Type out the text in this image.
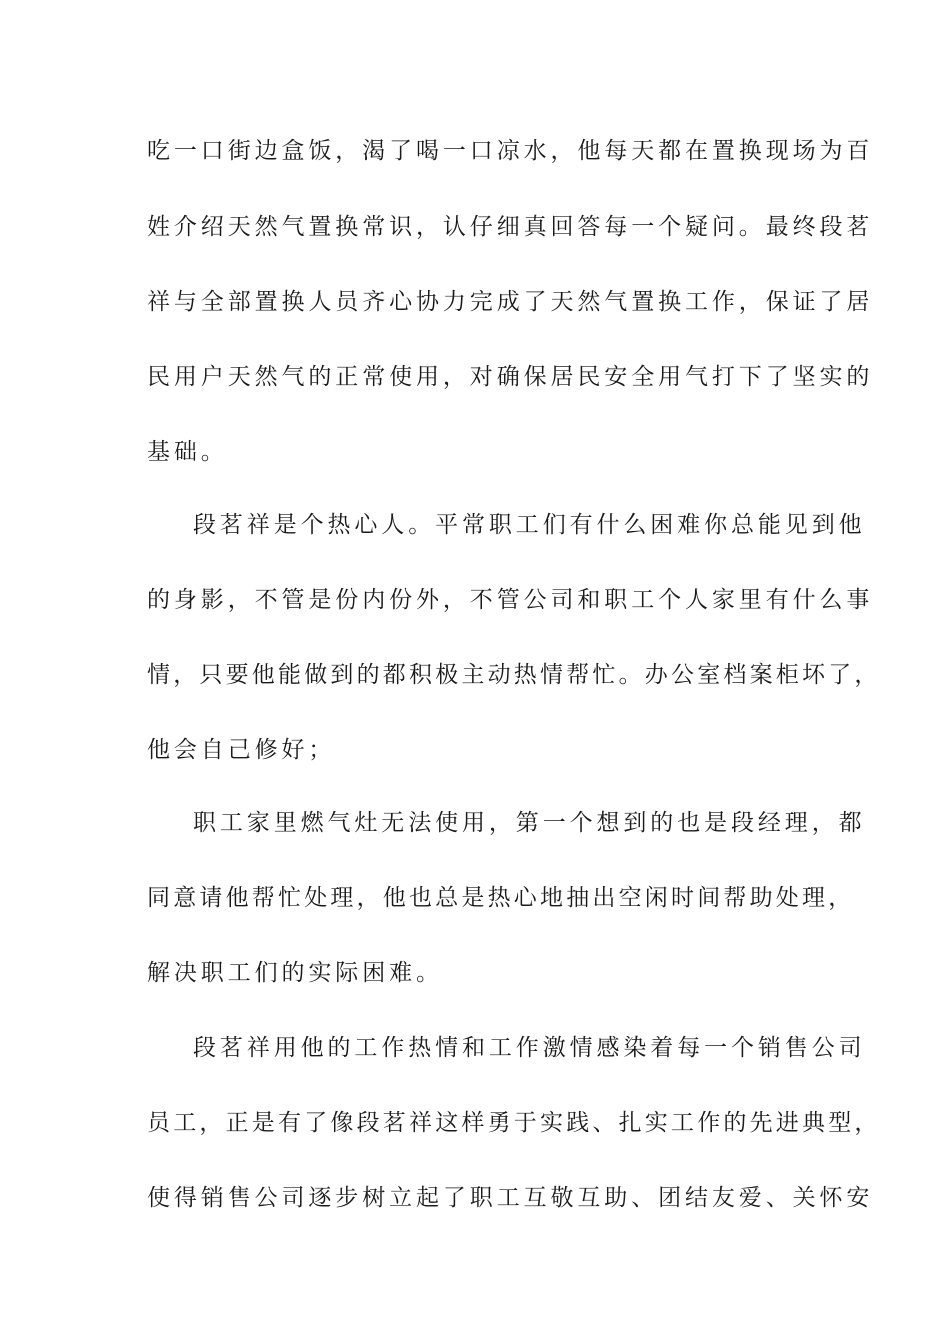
吃一口街边盒饭，渴了喝一口凉水，他每天都在置换现场为百
姓介绍天然气置换常识，认仔细真回答每一个疑问。最终段茗
祥与全部置换人员齐心协力完成了天然气置换工作，保证了居
民用户天然气的正常使用，对确保居民安全用气打下了坚实的
基础。
段茗祥是个热心人。平常职工们有什么困难你总能见到他
的身影，不管是份内份外，不管公司和职工个人家里有什么事
情，只要他能做到的都积极主动热情帮忙。办公室档案柜坏了，
他会自己修好；
职工家里燃气灶无法使用，第一个想到的也是段经理，都
同意请他帮忙处理，他也总是热心地抽出空闲时间帮助处理，
解决职工们的实际困难。
段茗祥用他的工作热情和工作激情感染着每一个销售公司
员工，正是有了像段茗祥这样勇于实践、扎实工作的先进典型，
使得销售公司逐步树立起了职工互敬互助、团结友爱、关怀安
